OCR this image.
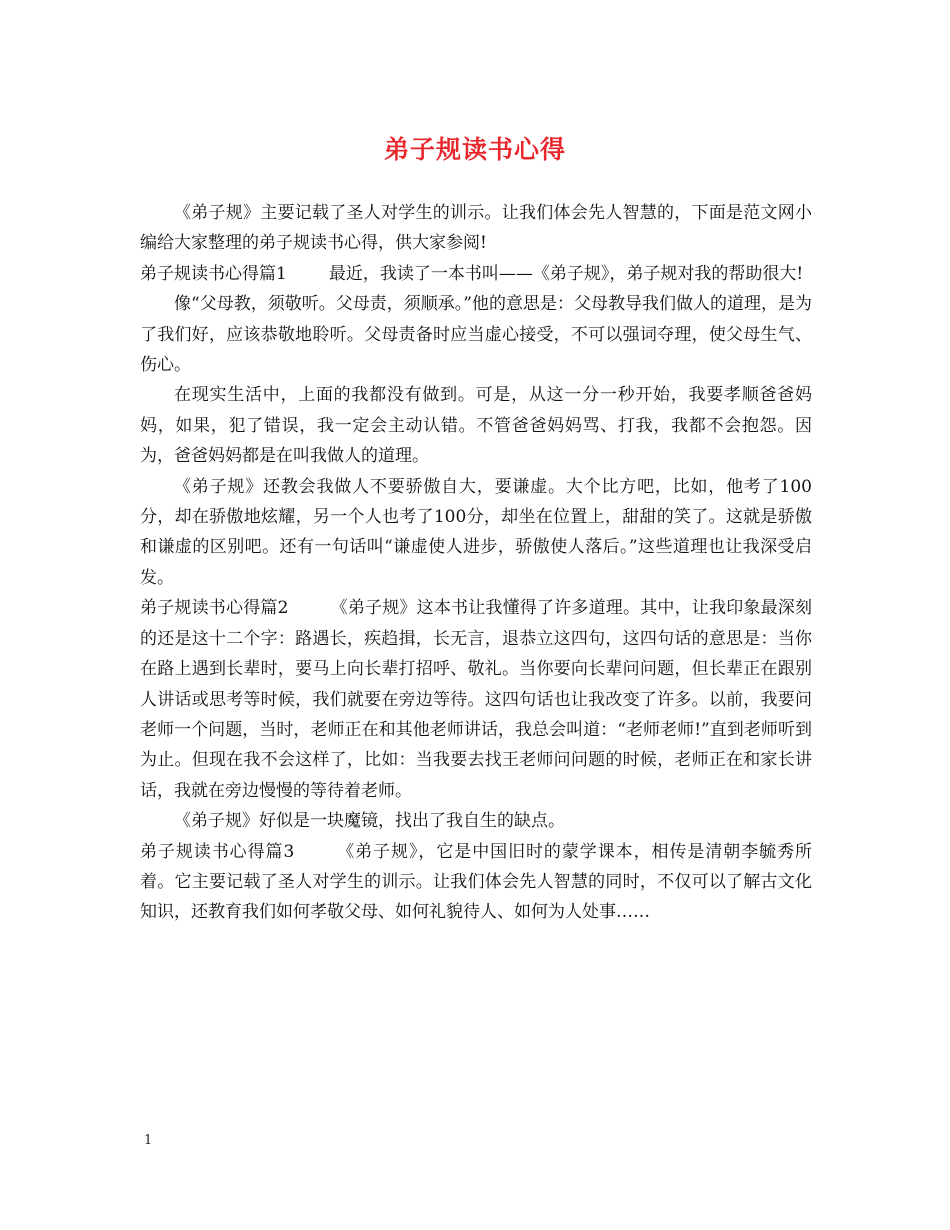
弟子规读书心得

《弟子规》主要记载了圣人对学生的训示。让我们体会先人智慧的，下面是范文网小编给大家整理的弟子规读书心得，供大家参阅!

弟子规读书心得篇1 最近，我读了一本书叫——《弟子规》，弟子规对我的帮助很大!

像“父母教，须敬听。父母责，须顺承。”他的意思是：父母教导我们做人的道理，是为了我们好，应该恭敬地聆听。父母责备时应当虚心接受，不可以强词夺理，使父母生气、伤心。

在现实生活中，上面的我都没有做到。可是，从这一分一秒开始，我要孝顺爸爸妈妈，如果，犯了错误，我一定会主动认错。不管爸爸妈妈骂、打我，我都不会抱怨。因为，爸爸妈妈都是在叫我做人的道理。

《弟子规》还教会我做人不要骄傲自大，要谦虚。大个比方吧，比如，他考了100分，却在骄傲地炫耀，另一个人也考了100分，却坐在位置上，甜甜的笑了。这就是骄傲和谦虚的区别吧。还有一句话叫“谦虚使人进步，骄傲使人落后。”这些道理也让我深受启发。

弟子规读书心得篇2 《弟子规》这本书让我懂得了许多道理。其中，让我印象最深刻的还是这十二个字：路遇长，疾趋揖，长无言，退恭立这四句，这四句话的意思是：当你在路上遇到长辈时，要马上向长辈打招呼、敬礼。当你要向长辈问问题，但长辈正在跟别人讲话或思考等时候，我们就要在旁边等待。这四句话也让我改变了许多。以前，我要问老师一个问题，当时，老师正在和其他老师讲话，我总会叫道：“老师老师!”直到老师听到为止。但现在我不会这样了，比如：当我要去找王老师问问题的时候，老师正在和家长讲话，我就在旁边慢慢的等待着老师。

《弟子规》好似是一块魔镜，找出了我自生的缺点。

弟子规读书心得篇3 《弟子规》，它是中国旧时的蒙学课本，相传是清朝李毓秀所着。它主要记载了圣人对学生的训示。让我们体会先人智慧的同时，不仅可以了解古文化知识，还教育我们如何孝敬父母、如何礼貌待人、如何为人处事……

1
